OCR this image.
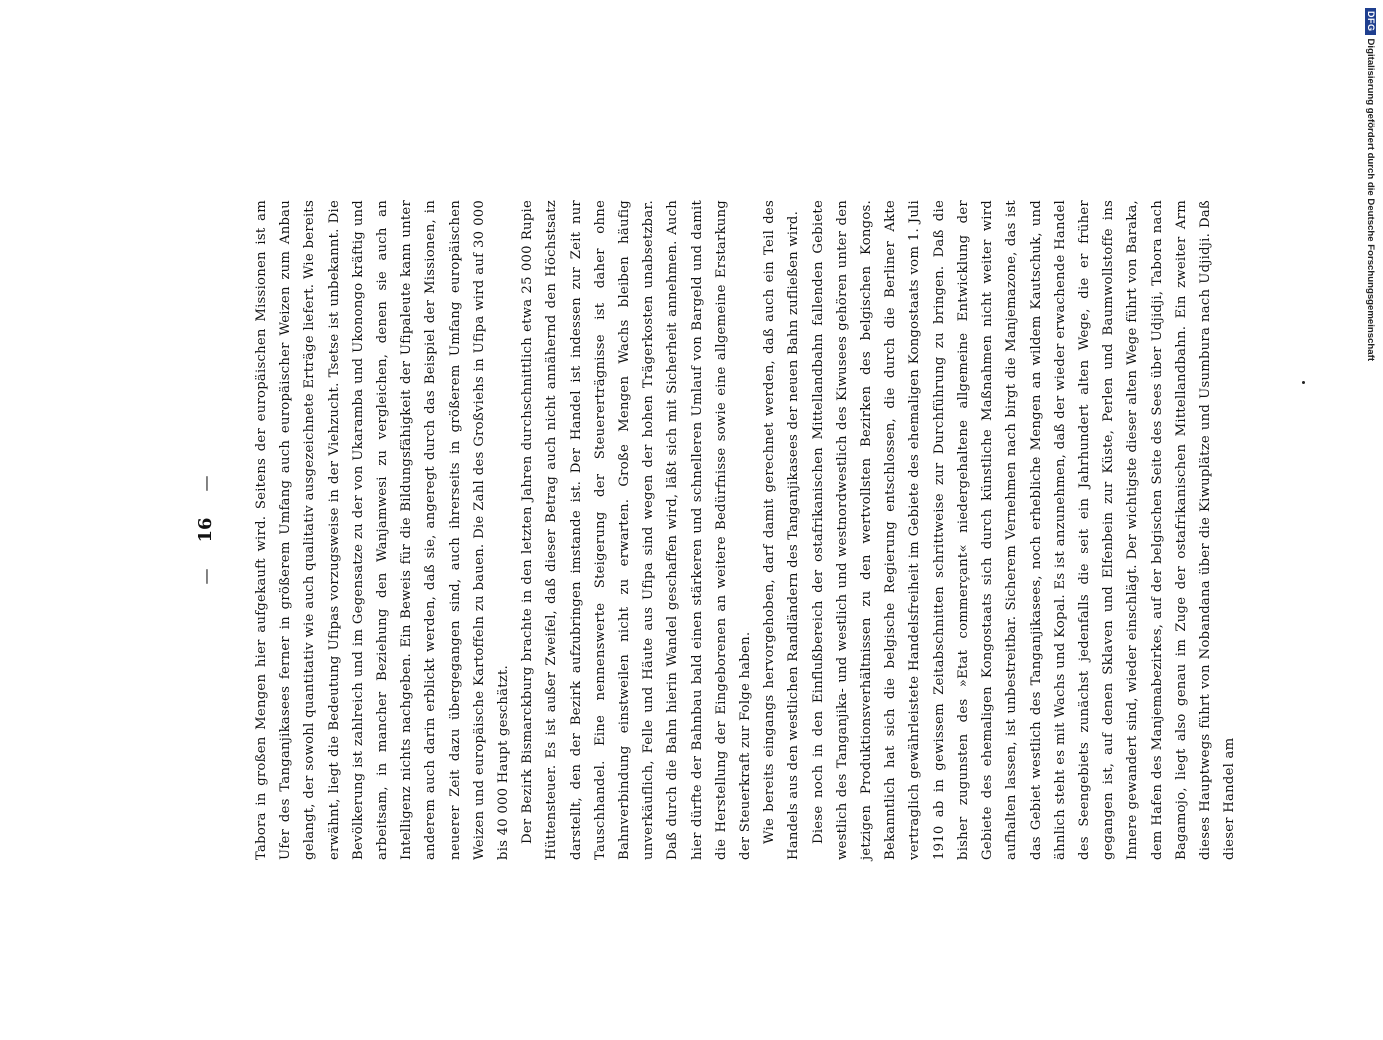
—
16
—	Tabora in großen Mengen hier aufgekauft wird. Seitens der europäischen Missionen ist am Ufer des Tanganjikasees ferner in größerem Umfang auch europäischer Weizen zum Anbau gelangt, der sowohl quantitativ wie auch qualitativ ausgezeichnete Erträge liefert. Wie bereits erwähnt, liegt die Bedeutung Ufipas vorzugsweise in der Viehzucht. Tsetse ist unbekannt. Die Bevölkerung ist zahlreich und im Gegensatze zu der von Ukaramba und Ukonongo kräftig und arbeitsam, in mancher Beziehung den Wanjamwesi zu vergleichen, denen sie auch an Intelligenz nichts nachgeben. Ein Beweis für die Bildungsfähigkeit der Ufipaleute kann unter anderem auch darin erblickt werden, daß sie, angeregt durch das Beispiel der Missionen, in neuerer Zeit dazu übergegangen sind, auch ihrerseits in größerem Umfang europäischen Weizen und europäische Kartoffeln zu bauen. Die Zahl des Großviehs in Ufipa wird auf 30 000 bis 40 000 Haupt geschätzt. Der Bezirk Bismarckburg brachte in den letzten Jahren durchschnittlich etwa 25 000 Rupie Hüttensteuer. Es ist außer Zweifel, daß dieser Betrag auch nicht annähernd den Höchstsatz darstellt, den der Bezirk aufzubringen imstande ist. Der Handel ist indessen zur Zeit nur Tauschhandel. Eine nennenswerte Steigerung der Steuererträgnisse ist daher ohne Bahnverbindung einstweilen nicht zu erwarten. Große Mengen Wachs bleiben häufig unverkäuflich, Felle und Häute aus Ufipa sind wegen der hohen Trägerkosten unabsetzbar. Daß durch die Bahn hierin Wandel geschaffen wird, läßt sich mit Sicherheit annehmen. Auch hier dürfte der Bahnbau bald einen stärkeren und schnelleren Umlauf von Bargeld und damit die Herstellung der Eingeborenen an weitere Bedürfnisse sowie eine allgemeine Erstarkung der Steuerkraft zur Folge haben. Wie bereits eingangs hervorgehoben, darf damit gerechnet werden, daß auch ein Teil des Handels aus den westlichen Randländern des Tanganjikasees der neuen Bahn zufließen wird. Diese noch in den Einflußbereich der ostafrikanischen Mittellandbahn fallenden Gebiete westlich des Tanganjika- und westlich und westnordwestlich des Kiwusees gehören unter den jetzigen Produktionsverhältnissen zu den wertvollsten Bezirken des belgischen Kongos. Bekanntlich hat sich die belgische Regierung entschlossen, die durch die Berliner Akte vertraglich gewährleistete Handelsfreiheit im Gebiete des ehemaligen Kongostaats vom 1. Juli 1910 ab in gewissem Zeitabschnitten schrittweise zur Durchführung zu bringen. Daß die bisher zugunsten des »Etat commerçant« niedergehaltene allgemeine Entwicklung der Gebiete des ehemaligen Kongostaats sich durch künstliche Maßnahmen nicht weiter wird aufhalten lassen, ist unbestreitbar. Sicherem Vernehmen nach birgt die Manjemazone, das ist das Gebiet westlich des Tanganjikasees, noch erhebliche Mengen an wildem Kautschuk, und ähnlich steht es mit Wachs und Kopal. Es ist anzunehmen, daß der wieder erwachende Handel des Seengebiets zunächst jedenfalls die seit ein Jahrhundert alten Wege, die er früher gegangen ist, auf denen Sklaven und Elfenbein zur Küste, Perlen und Baumwollstoffe ins Innere gewandert sind, wieder einschlägt. Der wichtigste dieser alten Wege führt von Baraka, dem Hafen des Manjemabezirkes, auf der belgischen Seite des Sees über Udjidji, Tabora nach Bagamojo, liegt also genau im Zuge der ostafrikanischen Mittellandbahn. Ein zweiter Arm dieses Hauptwegs führt von Nobandana über die Kiwuplätze und Usumbura nach Udjidji. Daß dieser Handel am

DFG
Digitalisierung gefördert durch die Deutsche Forschungsgemeinschaft
